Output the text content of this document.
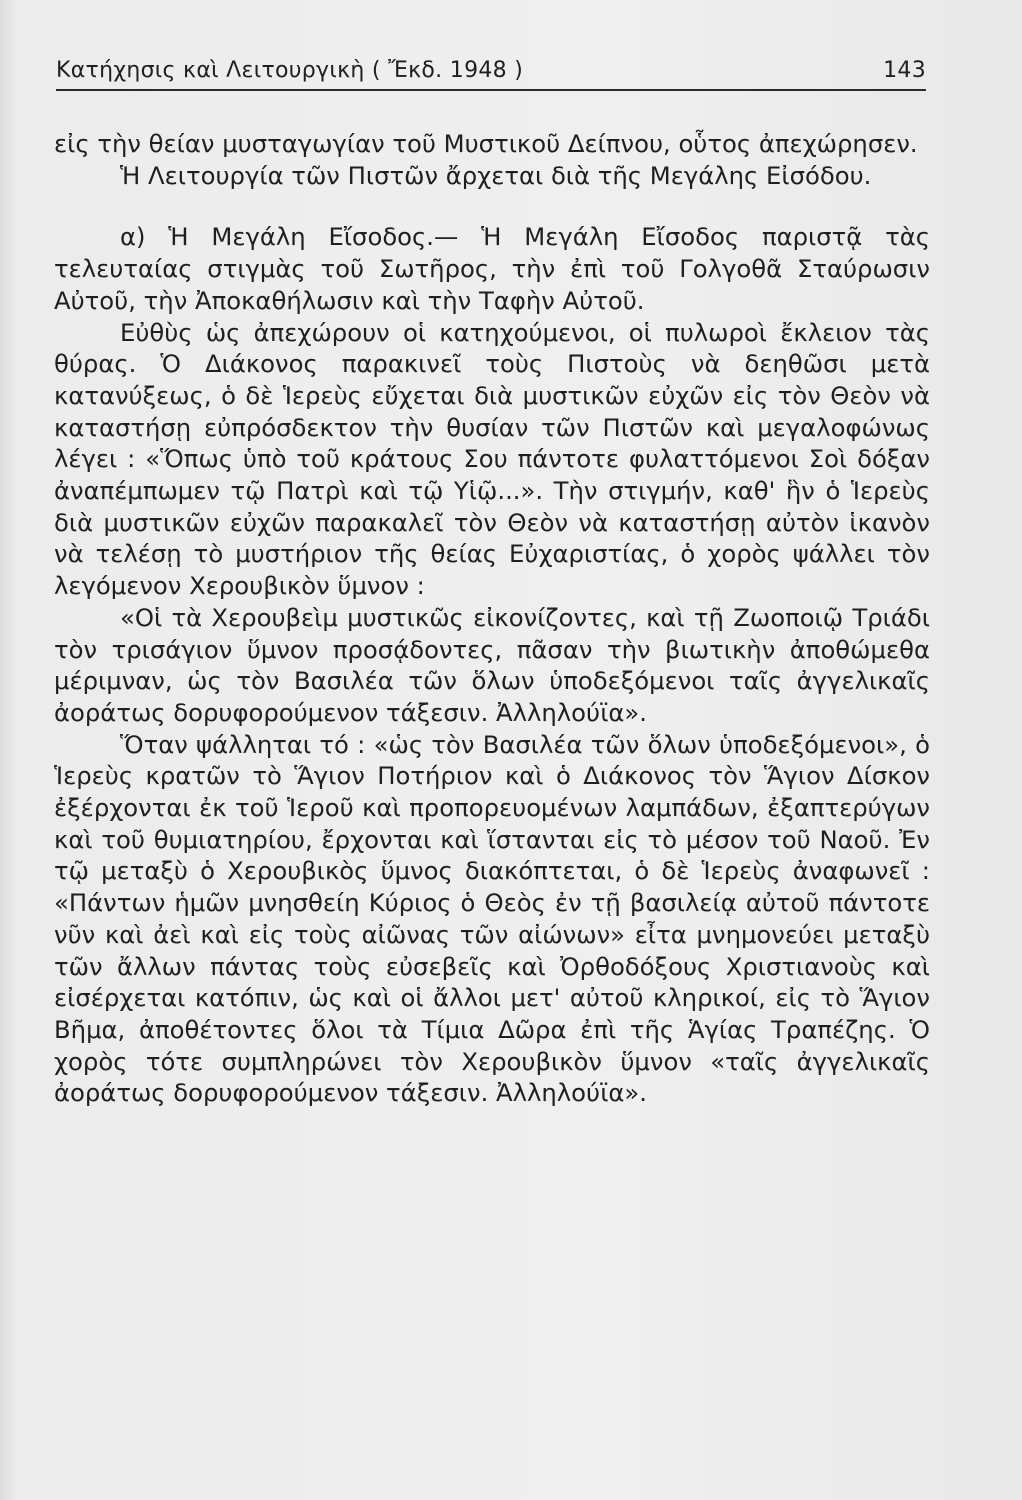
Κατήχησις καὶ Λειτουργικὴ ( Ἔκδ. 1948 )	143

εἰς τὴν θείαν μυσταγωγίαν τοῦ Μυστικοῦ Δείπνου, οὗτος ἀπεχώρησεν.

Ἡ Λειτουργία τῶν Πιστῶν ἄρχεται διὰ τῆς Μεγάλης Εἰσόδου.

α) Ἡ Μεγάλη Εἴσοδος.— Ἡ Μεγάλη Εἴσοδος παριστᾷ τὰς τελευταίας στιγμὰς τοῦ Σωτῆρος, τὴν ἐπὶ τοῦ Γολγοθᾶ Σταύρωσιν Αὐτοῦ, τὴν Ἀποκαθήλωσιν καὶ τὴν Ταφὴν Αὐτοῦ.

Εὐθὺς ὡς ἀπεχώρουν οἱ κατηχούμενοι, οἱ πυλωροὶ ἔκλειον τὰς θύρας. Ὁ Διάκονος παρακινεῖ τοὺς Πιστοὺς νὰ δεηθῶσι μετὰ κατανύξεως, ὁ δὲ Ἱερεὺς εὔχεται διὰ μυστικῶν εὐχῶν εἰς τὸν Θεὸν νὰ καταστήσῃ εὐπρόσδεκτον τὴν θυσίαν τῶν Πιστῶν καὶ μεγαλοφώνως λέγει : «Ὅπως ὑπὸ τοῦ κράτους Σου πάντοτε φυλαττόμενοι Σοὶ δόξαν ἀναπέμπωμεν τῷ Πατρὶ καὶ τῷ Υἱῷ...». Τὴν στιγμήν, καθ' ἣν ὁ Ἱερεὺς διὰ μυστικῶν εὐχῶν παρακαλεῖ τὸν Θεὸν νὰ καταστήσῃ αὐτὸν ἱκανὸν νὰ τελέσῃ τὸ μυστήριον τῆς θείας Εὐχαριστίας, ὁ χορὸς ψάλλει τὸν λεγόμενον Χερουβικὸν ὕμνον :

«Οἱ τὰ Χερουβεὶμ μυστικῶς εἰκονίζοντες, καὶ τῇ Ζωοποιῷ Τριάδι τὸν τρισάγιον ὕμνον προσᾴδοντες, πᾶσαν τὴν βιωτικὴν ἀποθώμεθα μέριμναν, ὡς τὸν Βασιλέα τῶν ὅλων ὑποδεξόμενοι ταῖς ἀγγελικαῖς ἀοράτως δορυφορούμενον τάξεσιν. Ἀλληλούϊα».

Ὅταν ψάλληται τό : «ὡς τὸν Βασιλέα τῶν ὅλων ὑποδεξόμενοι», ὁ Ἱερεὺς κρατῶν τὸ Ἅγιον Ποτήριον καὶ ὁ Διάκονος τὸν Ἅγιον Δίσκον ἐξέρχονται ἐκ τοῦ Ἱεροῦ καὶ προπορευομένων λαμπάδων, ἐξαπτερύγων καὶ τοῦ θυμιατηρίου, ἔρχονται καὶ ἵστανται εἰς τὸ μέσον τοῦ Ναοῦ. Ἐν τῷ μεταξὺ ὁ Χερουβικὸς ὕμνος διακόπτεται, ὁ δὲ Ἱερεὺς ἀναφωνεῖ : «Πάντων ἡμῶν μνησθείη Κύριος ὁ Θεὸς ἐν τῇ βασιλείᾳ αὐτοῦ πάντοτε νῦν καὶ ἀεὶ καὶ εἰς τοὺς αἰῶνας τῶν αἰώνων» εἶτα μνημονεύει μεταξὺ τῶν ἄλλων πάντας τοὺς εὐσεβεῖς καὶ Ὀρθοδόξους Χριστιανοὺς καὶ εἰσέρχεται κατόπιν, ὡς καὶ οἱ ἄλλοι μετ' αὐτοῦ κληρικοί, εἰς τὸ Ἅγιον Βῆμα, ἀποθέτοντες ὅλοι τὰ Τίμια Δῶρα ἐπὶ τῆς Ἁγίας Τραπέζης. Ὁ χορὸς τότε συμπληρώνει τὸν Χερουβικὸν ὕμνον «ταῖς ἀγγελικαῖς ἀοράτως δορυφορούμενον τάξεσιν. Ἀλληλούϊα».
